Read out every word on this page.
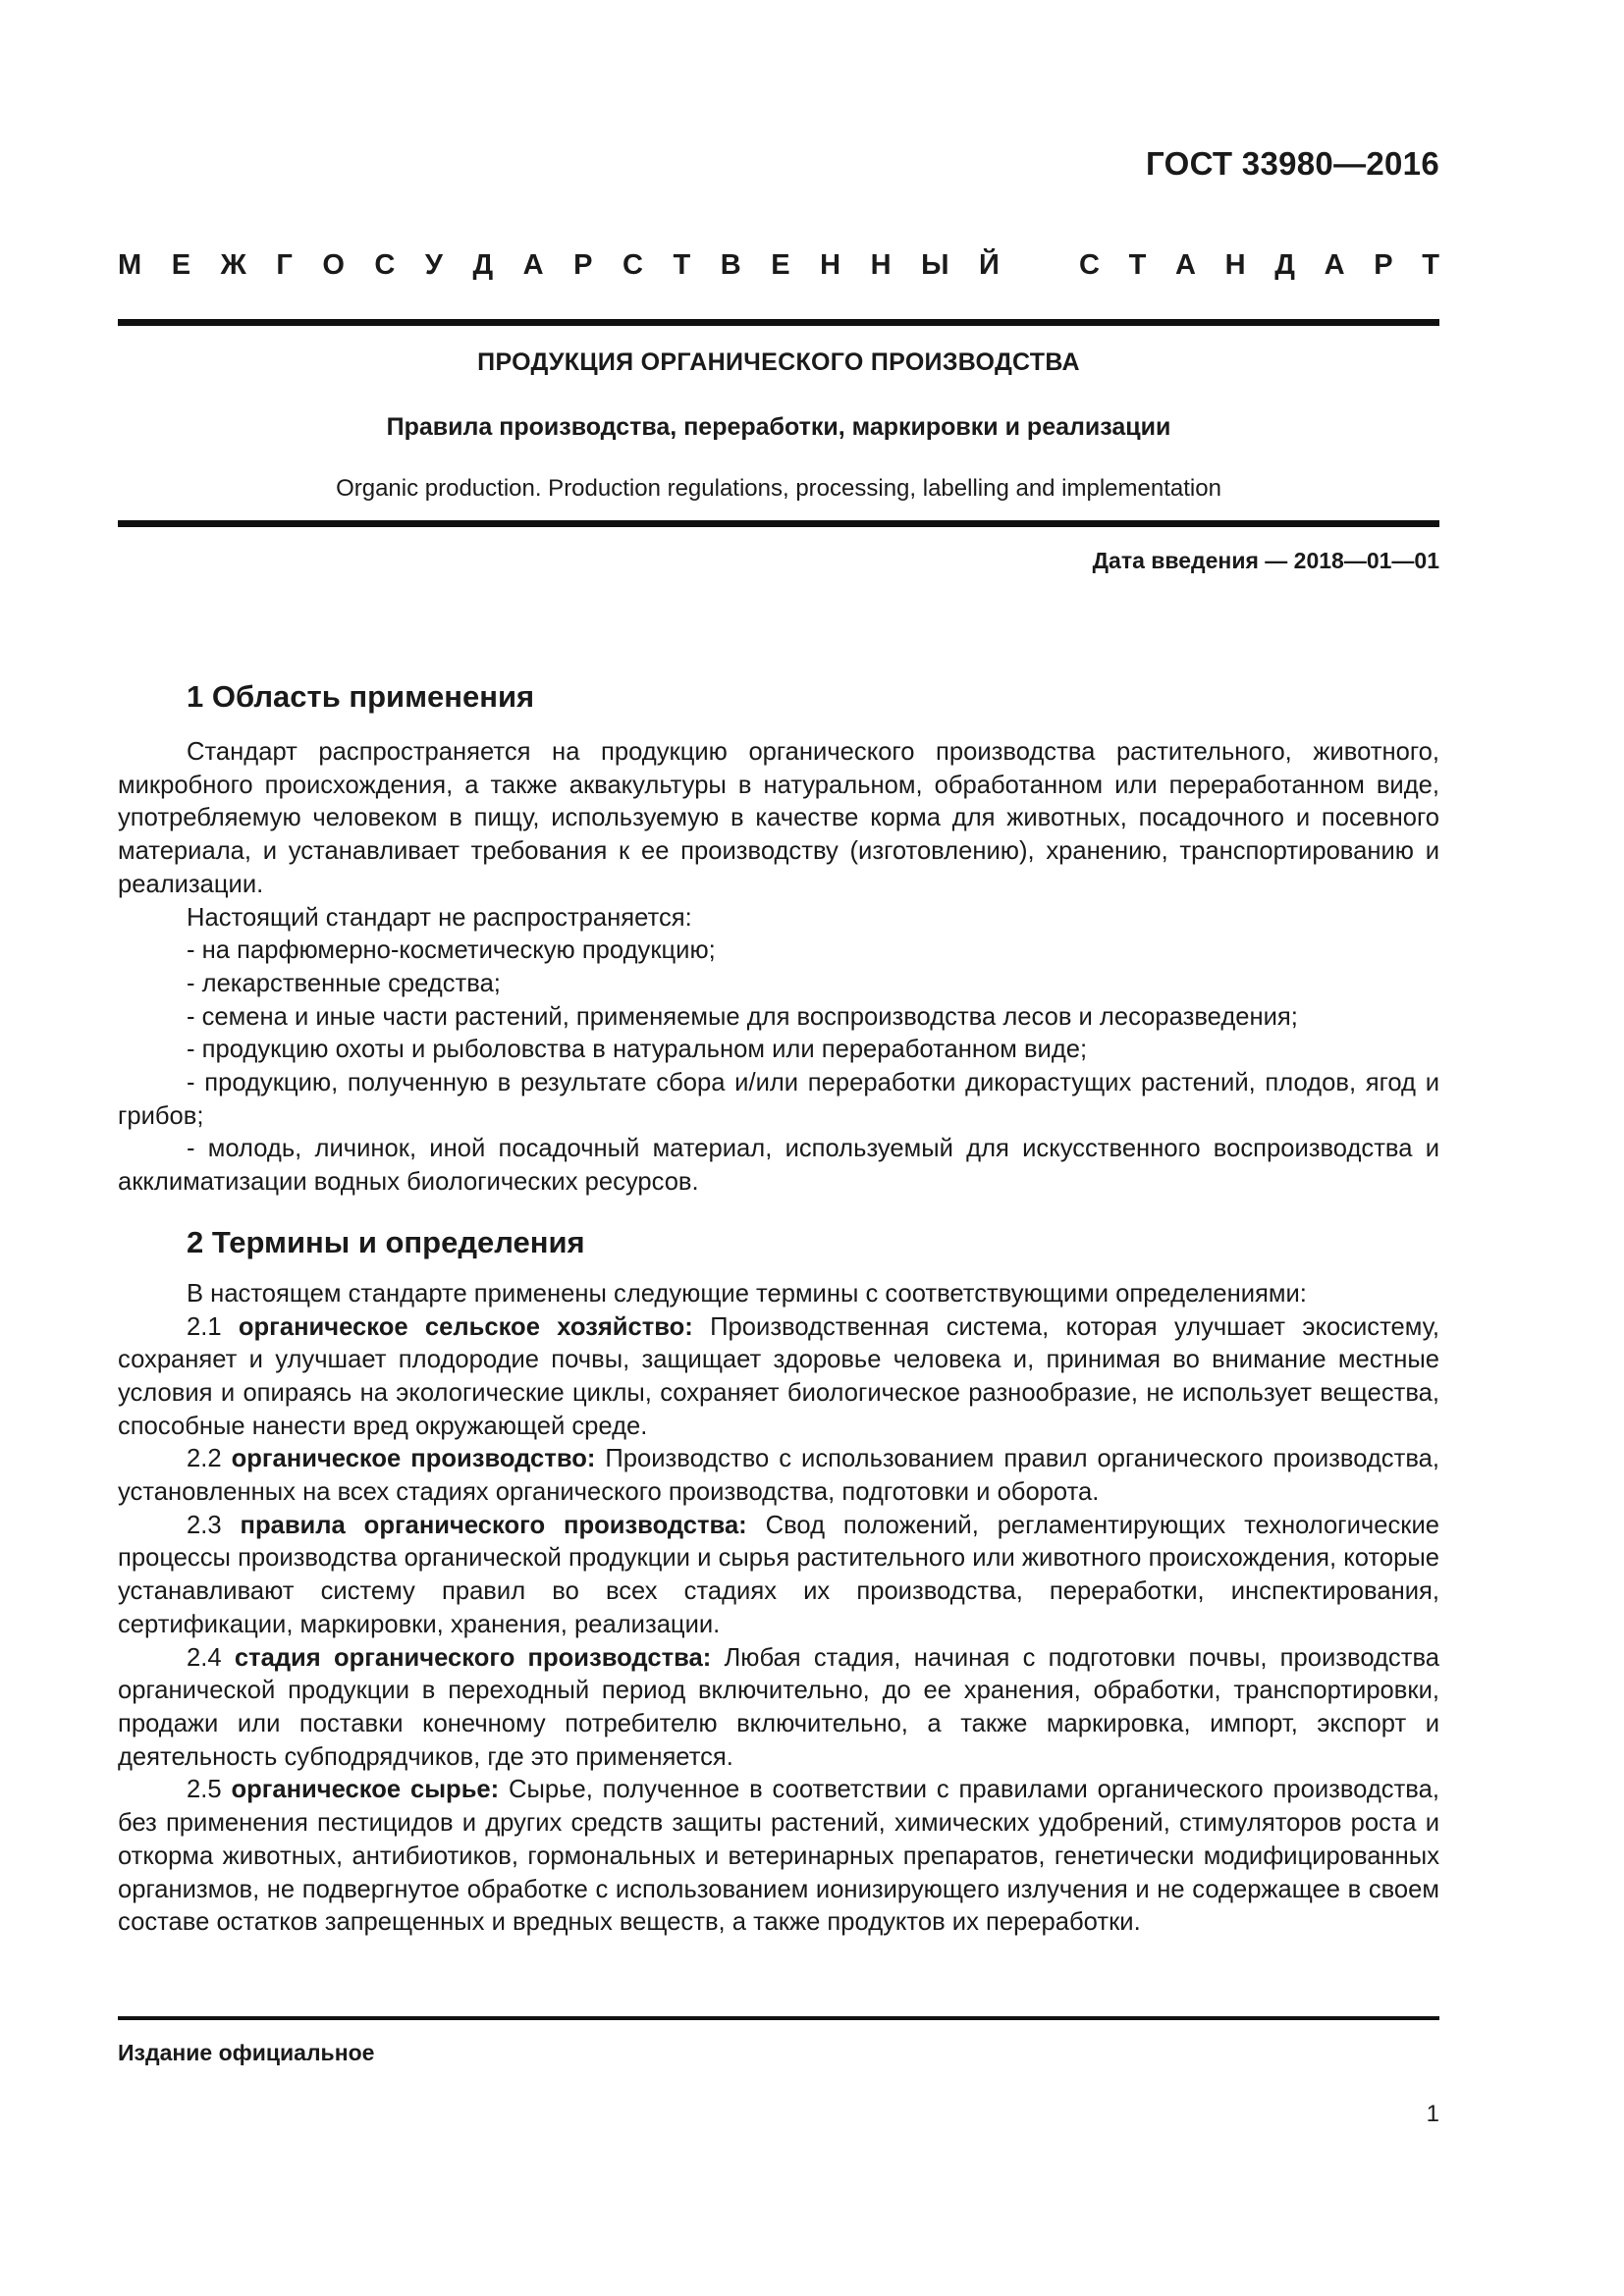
ГОСТ 33980—2016
М Е Ж Г О С У Д А Р С Т В Е Н Н Ы Й	С Т А Н Д А Р Т
ПРОДУКЦИЯ ОРГАНИЧЕСКОГО ПРОИЗВОДСТВА
Правила производства, переработки, маркировки и реализации
Organic production. Production regulations, processing, labelling and implementation
Дата введения — 2018—01—01
1 Область применения

Стандарт распространяется на продукцию органического производства растительного, животного, микробного происхождения, а также аквакультуры в натуральном, обработанном или переработанном виде, употребляемую человеком в пищу, используемую в качестве корма для животных, посадочного и посевного материала, и устанавливает требования к ее производству (изготовлению), хранению, транспортированию и реализации.

Настоящий стандарт не распространяется:

- на парфюмерно-косметическую продукцию;

- лекарственные средства;

- семена и иные части растений, применяемые для воспроизводства лесов и лесоразведения;

- продукцию охоты и рыболовства в натуральном или переработанном виде;

- продукцию, полученную в результате сбора и/или переработки дикорастущих растений, плодов, ягод и грибов;

- молодь, личинок, иной посадочный материал, используемый для искусственного воспроизводства и акклиматизации водных биологических ресурсов.

2 Термины и определения

В настоящем стандарте применены следующие термины с соответствующими определениями:

2.1 органическое сельское хозяйство: Производственная система, которая улучшает экосистему, сохраняет и улучшает плодородие почвы, защищает здоровье человека и, принимая во внимание местные условия и опираясь на экологические циклы, сохраняет биологическое разнообразие, не использует вещества, способные нанести вред окружающей среде.

2.2 органическое производство: Производство с использованием правил органического производства, установленных на всех стадиях органического производства, подготовки и оборота.

2.3 правила органического производства: Свод положений, регламентирующих технологические процессы производства органической продукции и сырья растительного или животного происхождения, которые устанавливают систему правил во всех стадиях их производства, переработки, инспектирования, сертификации, маркировки, хранения, реализации.

2.4 стадия органического производства: Любая стадия, начиная с подготовки почвы, производства органической продукции в переходный период включительно, до ее хранения, обработки, транспортировки, продажи или поставки конечному потребителю включительно, а также маркировка, импорт, экспорт и деятельность субподрядчиков, где это применяется.

2.5 органическое сырье: Сырье, полученное в соответствии с правилами органического производства, без применения пестицидов и других средств защиты растений, химических удобрений, стимуляторов роста и откорма животных, антибиотиков, гормональных и ветеринарных препаратов, генетически модифицированных организмов, не подвергнутое обработке с использованием ионизирующего излучения и не содержащее в своем составе остатков запрещенных и вредных веществ, а также продуктов их переработки.

Издание официальное
1
